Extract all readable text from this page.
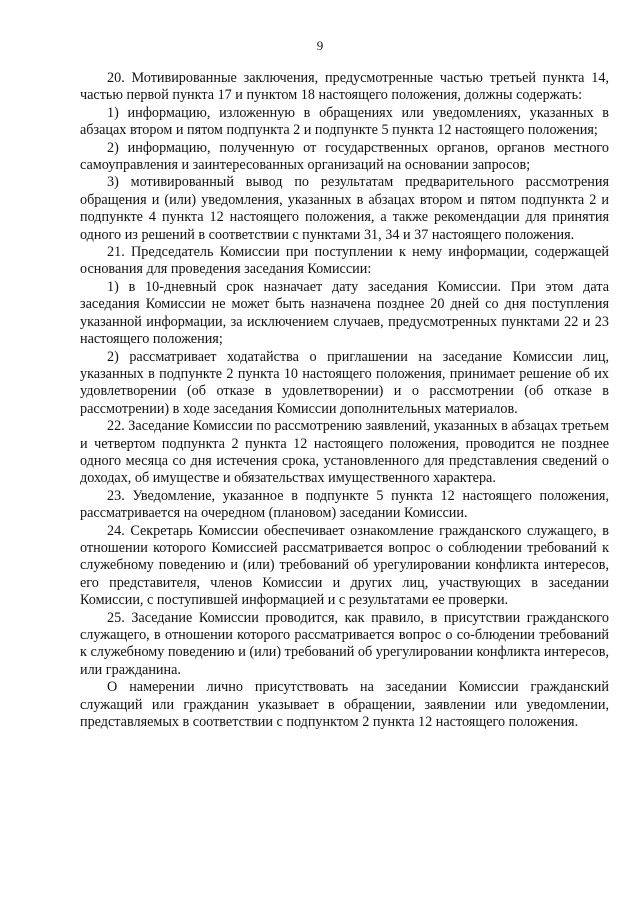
9

20. Мотивированные заключения, предусмотренные частью третьей пункта 14, частью первой пункта 17 и пунктом 18 настоящего положения, должны содержать:

1) информацию, изложенную в обращениях или уведомлениях, указанных в абзацах втором и пятом подпункта 2 и подпункте 5 пункта 12 настоящего положения;

2) информацию, полученную от государственных органов, органов местного самоуправления и заинтересованных организаций на основании запросов;

3) мотивированный вывод по результатам предварительного рассмотрения обращения и (или) уведомления, указанных в абзацах втором и пятом подпункта 2 и подпункте 4 пункта 12 настоящего положения, а также рекомендации для принятия одного из решений в соответствии с пунктами 31, 34 и 37 настоящего положения.

21. Председатель Комиссии при поступлении к нему информации, содержащей основания для проведения заседания Комиссии:

1) в 10-дневный срок назначает дату заседания Комиссии. При этом дата заседания Комиссии не может быть назначена позднее 20 дней со дня поступления указанной информации, за исключением случаев, предусмотренных пунктами 22 и 23 настоящего положения;

2) рассматривает ходатайства о приглашении на заседание Комиссии лиц, указанных в подпункте 2 пункта 10 настоящего положения, принимает решение об их удовлетворении (об отказе в удовлетворении) и о рассмотрении (об отказе в рассмотрении) в ходе заседания Комиссии дополнительных материалов.

22. Заседание Комиссии по рассмотрению заявлений, указанных в абзацах третьем и четвертом подпункта 2 пункта 12 настоящего положения, проводится не позднее одного месяца со дня истечения срока, установленного для представления сведений о доходах, об имуществе и обязательствах имущественного характера.

23. Уведомление, указанное в подпункте 5 пункта 12 настоящего положения, рассматривается на очередном (плановом) заседании Комиссии.

24. Секретарь Комиссии обеспечивает ознакомление гражданского служащего, в отношении которого Комиссией рассматривается вопрос о соблюдении требований к служебному поведению и (или) требований об урегулировании конфликта интересов, его представителя, членов Комиссии и других лиц, участвующих в заседании Комиссии, с поступившей информацией и с результатами ее проверки.

25. Заседание Комиссии проводится, как правило, в присутствии гражданского служащего, в отношении которого рассматривается вопрос о со-блюдении требований к служебному поведению и (или) требований об урегулировании конфликта интересов, или гражданина.

О намерении лично присутствовать на заседании Комиссии гражданский служащий или гражданин указывает в обращении, заявлении или уведомлении, представляемых в соответствии с подпунктом 2 пункта 12 настоящего положения.
